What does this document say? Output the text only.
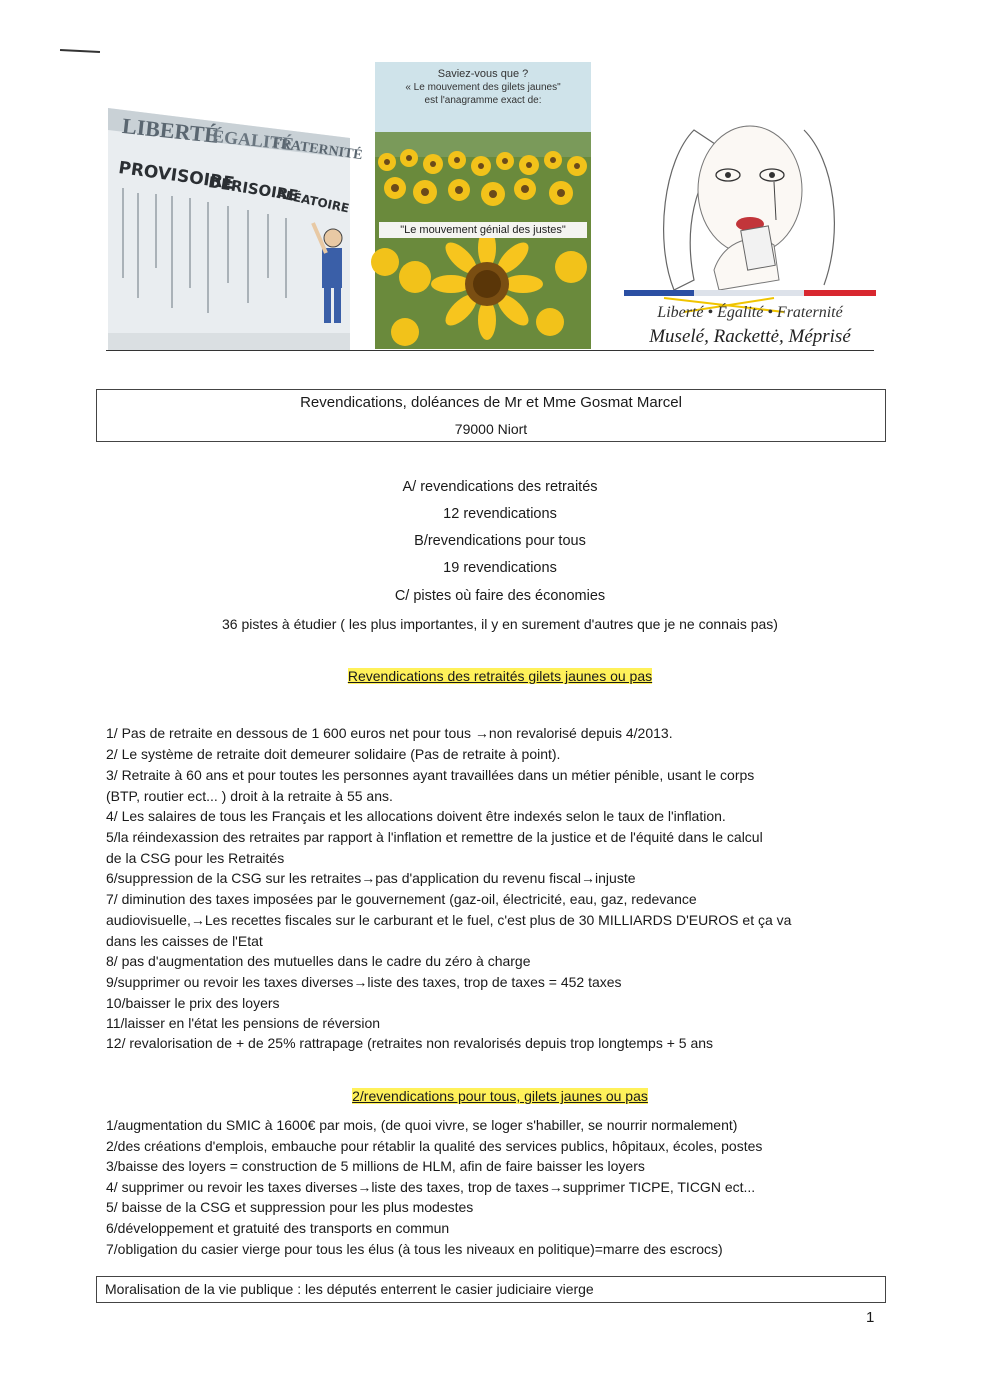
LIBERTÉ
ÉGALITÉ
FRATERNITÉ
PROVISOIRE
DÉRISOIRE
ALÉATOIRE
Saviez-vous que ?
« Le mouvement des gilets jaunes"
est l'anagramme exact de:
"Le mouvement génial des justes"
Liberté • Égalité • Fraternité
Muselé, Rackettė, Méprisé
Revendications, doléances de Mr et Mme Gosmat Marcel
79000 Niort
A/ revendications des retraités
12 revendications
B/revendications pour tous
19 revendications
C/ pistes où faire des économies
36 pistes à étudier ( les plus importantes, il y en surement d'autres que je ne connais pas)
Revendications des retraités gilets jaunes ou pas
1/ Pas de retraite en dessous de 1 600 euros net pour tous →non revalorisé depuis 4/2013.
2/ Le système de retraite doit demeurer solidaire (Pas de retraite à point).
3/ Retraite à 60 ans et pour toutes les personnes ayant travaillées dans un métier pénible, usant le corps
(BTP, routier ect... ) droit à la retraite à 55 ans.
4/ Les salaires de tous les Français et les allocations doivent être indexés selon le taux de l'inflation.
5/la réindexassion des retraites par rapport à l'inflation et remettre de la justice et de l'équité dans le calcul
de la CSG pour les Retraités
6/suppression de la CSG sur les retraites→pas d'application du revenu fiscal→injuste
7/ diminution des taxes imposées par le gouvernement (gaz-oil, électricité, eau, gaz, redevance
audiovisuelle,→Les recettes fiscales sur le carburant et le fuel, c'est plus de 30 MILLIARDS D'EUROS et ça va
dans les caisses de l'Etat
8/ pas d'augmentation des mutuelles dans le cadre du zéro à charge
9/supprimer ou revoir les taxes diverses→liste des taxes, trop de taxes = 452 taxes
10/baisser le prix des loyers
11/laisser en l'état les pensions de réversion
12/ revalorisation de + de 25% rattrapage (retraites non revalorisés depuis trop longtemps + 5 ans
2/revendications pour tous, gilets jaunes ou pas
1/augmentation du SMIC à 1600€ par mois, (de quoi vivre, se loger s'habiller, se nourrir normalement)
2/des créations d'emplois, embauche pour rétablir la qualité des services publics, hôpitaux, écoles, postes
3/baisse des loyers = construction de 5 millions de HLM, afin de faire baisser les loyers
4/ supprimer ou revoir les taxes diverses→liste des taxes, trop de taxes→supprimer TICPE, TICGN ect...
5/ baisse de la CSG et suppression pour les plus modestes
6/développement et gratuité des transports en commun
7/obligation du casier vierge pour tous les élus (à tous les niveaux en politique)=marre des escrocs)
Moralisation de la vie publique : les députés enterrent le casier judiciaire vierge
1
